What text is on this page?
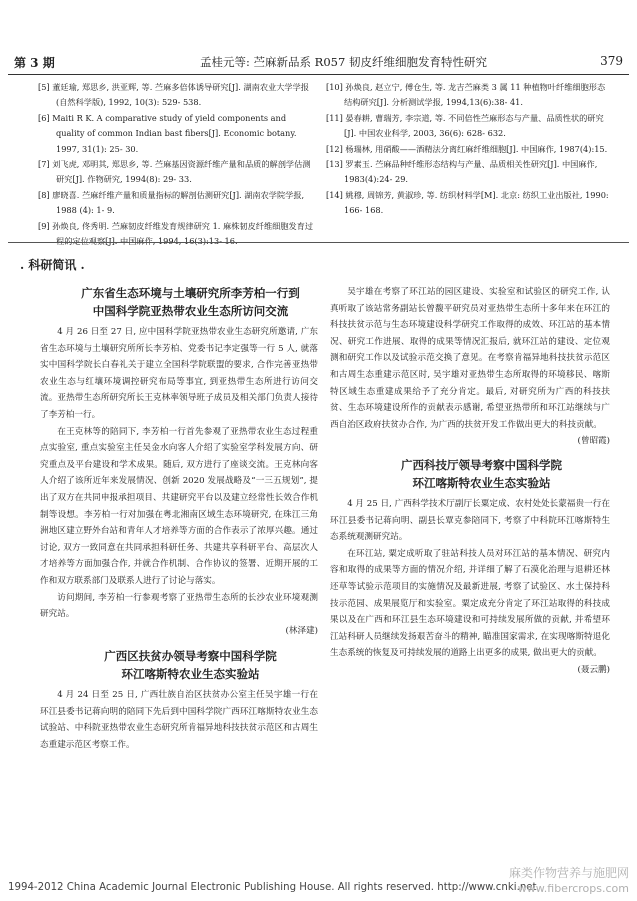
第 3 期	孟桂元等: 苎麻新品系 R057 韧皮纤维细胞发育特性研究	379

[5] 董廷瑜, 郑思乡, 洪亚辉, 等. 苎麻多倍体诱导研究[J]. 湖南农业大学学报(自然科学版), 1992, 10(3): 529- 538.

[6] Maiti R K. A comparative study of yield components and quality of common Indian bast fibers[J]. Economic botany. 1997, 31(1): 25- 30.

[7] 刘飞虎, 邓明其, 郑思乡, 等. 苎麻基因资源纤维产量和品质的解剖学估测研究[J]. 作物研究, 1994(8): 29- 33.

[8] 廖晓喜. 苎麻纤维产量和质量指标的解剖估测研究[J]. 湖南农学院学报, 1988 (4): 1- 9.

[9] 孙焕良, 佟秀明. 苎麻韧皮纤维发育规律研究 1. 麻株韧皮纤维细胞发育过程的定位观察[J]. 中国麻作, 1994, 16(3):13- 16.

[10] 孙焕良, 赵立宁, 傅仓生, 等. 龙吉苎麻类 3 属 11 种植物叶纤维细胞形态结构研究[J]. 分析测试学报, 1994,13(6):38- 41.

[11] 晏春耕, 曹瑞芳, 李宗道, 等. 不同倍性苎麻形态与产量、品质性状的研究[J]. 中国农业科学, 2003, 36(6): 628- 632.

[12] 杨瑞林, 用硝酸——酒精法分离红麻纤维细胞[J]. 中国麻作, 1987(4):15.

[13] 罗素玉. 苎麻品种纤维形态结构与产量、品质相关性研究[J]. 中国麻作, 1983(4):24- 29.

[14] 姚穆, 周锦芳, 黄淑珍, 等. 纺织材料学[M]. 北京: 纺织工业出版社, 1990: 166- 168.

. 科研简讯 .

广东省生态环境与土壤研究所李芳柏一行到

中国科学院亚热带农业生态所访问交流

4 月 26 日至 27 日, 应中国科学院亚热带农业生态研究所邀请, 广东省生态环境与土壤研究所所长李芳柏、党委书记李定强等一行 5 人, 就落实中国科学院长白春礼关于建立全国科学院联盟的要求, 合作完善亚热带农业生态与红壤环境调控研究布局等事宜, 到亚热带生态所进行访问交流。亚热带生态所研究所长王克林率领导班子成员及相关部门负责人接待了李芳柏一行。

在王克林等的陪同下, 李芳柏一行首先参观了亚热带农业生态过程重点实验室, 重点实验室主任吴金水向客人介绍了实验室学科发展方向、研究重点及平台建设和学术成果。随后, 双方进行了座谈交流。王克林向客人介绍了该所近年来发展情况、创新 2020 发展战略及“一三五规划”, 提出了双方在共同申报承担项目、共建研究平台以及建立经常性长效合作机制等设想。李芳柏一行对加强在粤北湘南区域生态环境研究, 在珠江三角洲地区建立野外台站和青年人才培养等方面的合作表示了浓厚兴趣。通过讨论, 双方一致同意在共同承担科研任务、共建共享科研平台、高层次人才培养等方面加强合作, 并就合作机制、合作协议的签署、近期开展的工作和双方联系部门及联系人进行了讨论与落实。

访问期间, 李芳柏一行参观考察了亚热带生态所的长沙农业环境观测研究站。

(林泽建)

广西区扶贫办领导考察中国科学院

环江喀斯特农业生态实验站

4 月 24 日至 25 日, 广西壮族自治区扶贫办公室主任吴宇雄一行在环江县委书记蒋向明的陪同下先后到中国科学院广西环江喀斯特农业生态试验站、中科院亚热带农业生态研究所肯福异地科技扶贫示范区和古周生态重建示范区考察工作。

吴宇雄在考察了环江站的园区建设、实验室和试验区的研究工作, 认真听取了该站常务副站长曾馥平研究员对亚热带生态所十多年来在环江的科技扶贫示范与生态环境建设科学研究工作取得的成效、环江站的基本情况、研究工作进展、取得的成果等情况汇报后, 就环江站的建设、定位观测和研究工作以及试验示范交换了意见。在考察肯福异地科技扶贫示范区和古周生态重建示范区时, 吴宇雄对亚热带生态所取得的环境移民、喀斯特区域生态重建成果给予了充分肯定。最后, 对研究所为广西的科技扶贫、生态环境建设所作的贡献表示感谢, 希望亚热带所和环江站继续与广西自治区政府扶贫办合作, 为广西的扶贫开发工作做出更大的科技贡献。

(曾昭霞)

广西科技厅领导考察中国科学院

环江喀斯特农业生态实验站

4 月 25 日, 广西科学技术厅副厅长粟定成、农村处处长蒙福贵一行在环江县委书记蒋向明、副县长覃克参陪同下, 考察了中科院环江喀斯特生态系统观测研究站。

在环江站, 粟定成听取了驻站科技人员对环江站的基本情况、研究内容和取得的成果等方面的情况介绍, 并详细了解了石漠化治理与退耕还林还草等试验示范项目的实施情况及最新进展, 考察了试验区、水土保持科技示范园、成果展览厅和实验室。粟定成充分肯定了环江站取得的科技成果以及在广西和环江县生态环境建设和可持续发展所做的贡献, 并希望环江站科研人员继续发扬艰苦奋斗的精神, 瞄准国家需求, 在实现喀斯特退化生态系统的恢复及可持续发展的道路上出更多的成果, 做出更大的贡献。

(聂云鹏)
1994-2012 China Academic Journal Electronic Publishing House. All rights reserved. http://www.cnki.net
麻类作物营养与施肥网
www.fibercrops.com
